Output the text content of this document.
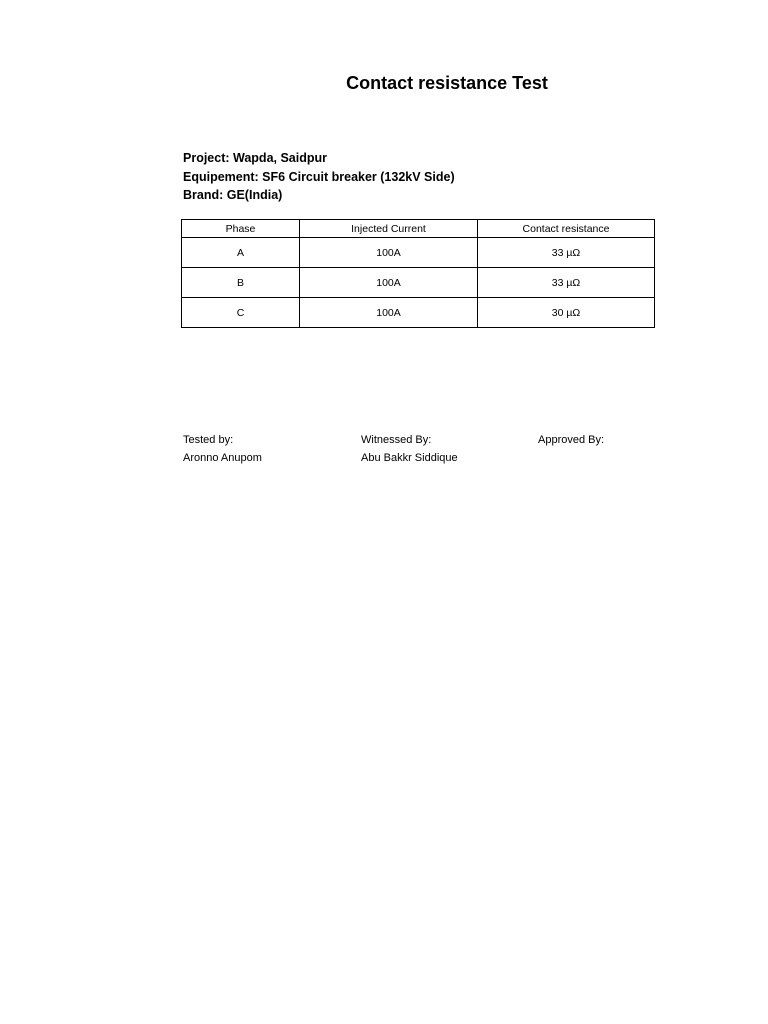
Contact resistance Test
Project: Wapda, Saidpur
Equipement: SF6 Circuit breaker (132kV Side)
Brand: GE(India)
Phase	Injected Current	Contact resistance
A	100A	33 µΩ
B	100A	33 µΩ
C	100A	30 µΩ
Tested by:
Aronno Anupom
Witnessed By:
Abu Bakkr Siddique
Approved By:
